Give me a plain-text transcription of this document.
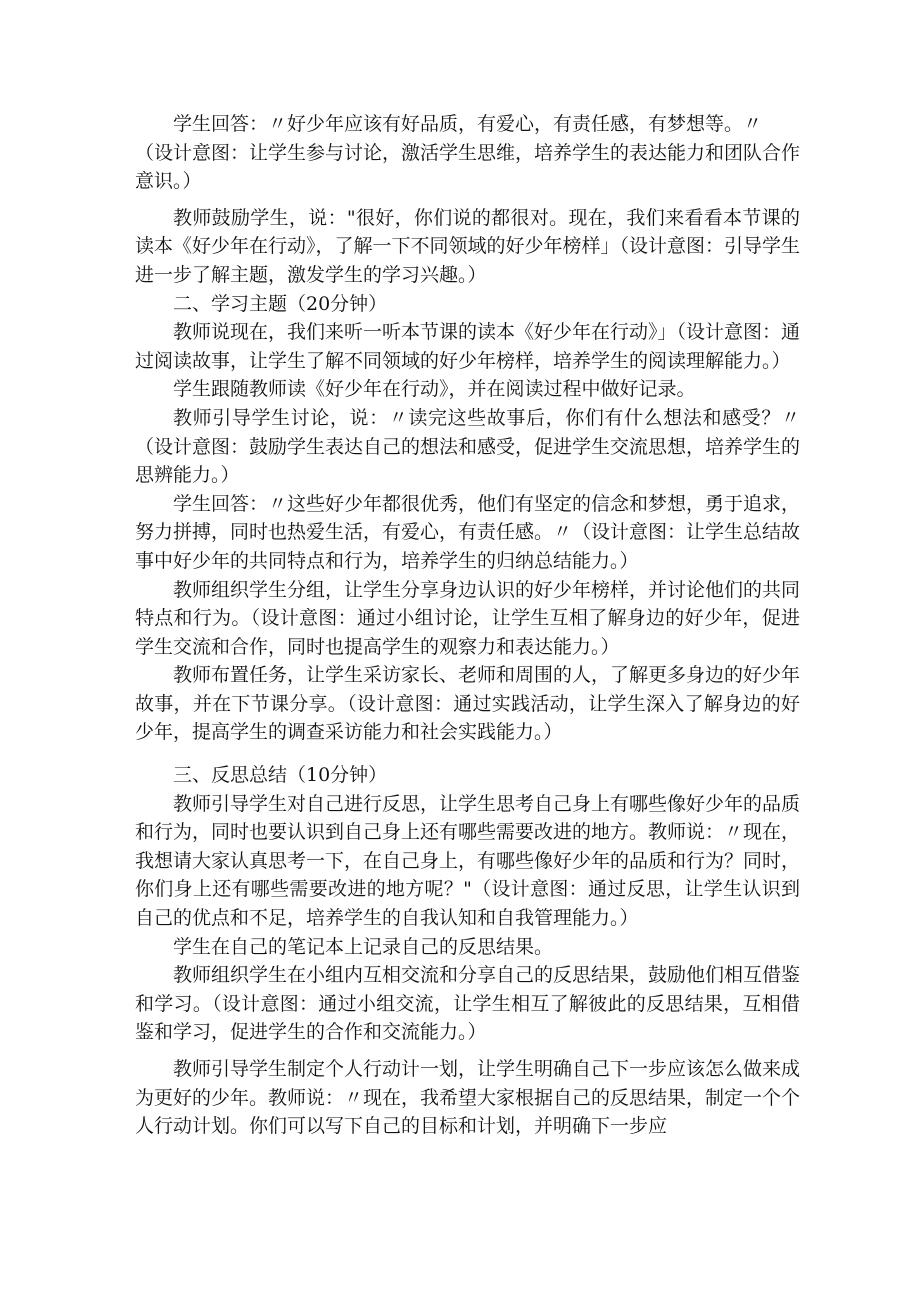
学生回答：〃好少年应该有好品质，有爱心，有责任感，有梦想等。〃

（设计意图：让学生参与讨论，激活学生思维，培养学生的表达能力和团队合作意识。）

教师鼓励学生，说："很好，你们说的都很对。现在，我们来看看本节课的读本《好少年在行动》，了解一下不同领域的好少年榜样」（设计意图：引导学生进一步了解主题，激发学生的学习兴趣。）

二、学习主题（20分钟）

教师说现在，我们来听一听本节课的读本《好少年在行动》」（设计意图：通过阅读故事，让学生了解不同领域的好少年榜样，培养学生的阅读理解能力。）

学生跟随教师读《好少年在行动》，并在阅读过程中做好记录。

教师引导学生讨论，说：〃读完这些故事后，你们有什么想法和感受？〃（设计意图：鼓励学生表达自己的想法和感受，促进学生交流思想，培养学生的思辨能力。）

学生回答：〃这些好少年都很优秀，他们有坚定的信念和梦想，勇于追求，努力拼搏，同时也热爱生活，有爱心，有责任感。〃（设计意图：让学生总结故事中好少年的共同特点和行为，培养学生的归纳总结能力。）

教师组织学生分组，让学生分享身边认识的好少年榜样，并讨论他们的共同特点和行为。（设计意图：通过小组讨论，让学生互相了解身边的好少年，促进学生交流和合作，同时也提高学生的观察力和表达能力。）

教师布置任务，让学生采访家长、老师和周围的人，了解更多身边的好少年故事，并在下节课分享。（设计意图：通过实践活动，让学生深入了解身边的好少年，提高学生的调查采访能力和社会实践能力。）

三、反思总结（10分钟）

教师引导学生对自己进行反思，让学生思考自己身上有哪些像好少年的品质和行为，同时也要认识到自己身上还有哪些需要改进的地方。教师说：〃现在，我想请大家认真思考一下，在自己身上，有哪些像好少年的品质和行为？同时，你们身上还有哪些需要改进的地方呢？"（设计意图：通过反思，让学生认识到自己的优点和不足，培养学生的自我认知和自我管理能力。）

学生在自己的笔记本上记录自己的反思结果。

教师组织学生在小组内互相交流和分享自己的反思结果，鼓励他们相互借鉴和学习。（设计意图：通过小组交流，让学生相互了解彼此的反思结果，互相借鉴和学习，促进学生的合作和交流能力。）

教师引导学生制定个人行动计一划，让学生明确自己下一步应该怎么做来成为更好的少年。教师说：〃现在，我希望大家根据自己的反思结果，制定一个个人行动计划。你们可以写下自己的目标和计划，并明确下一步应
